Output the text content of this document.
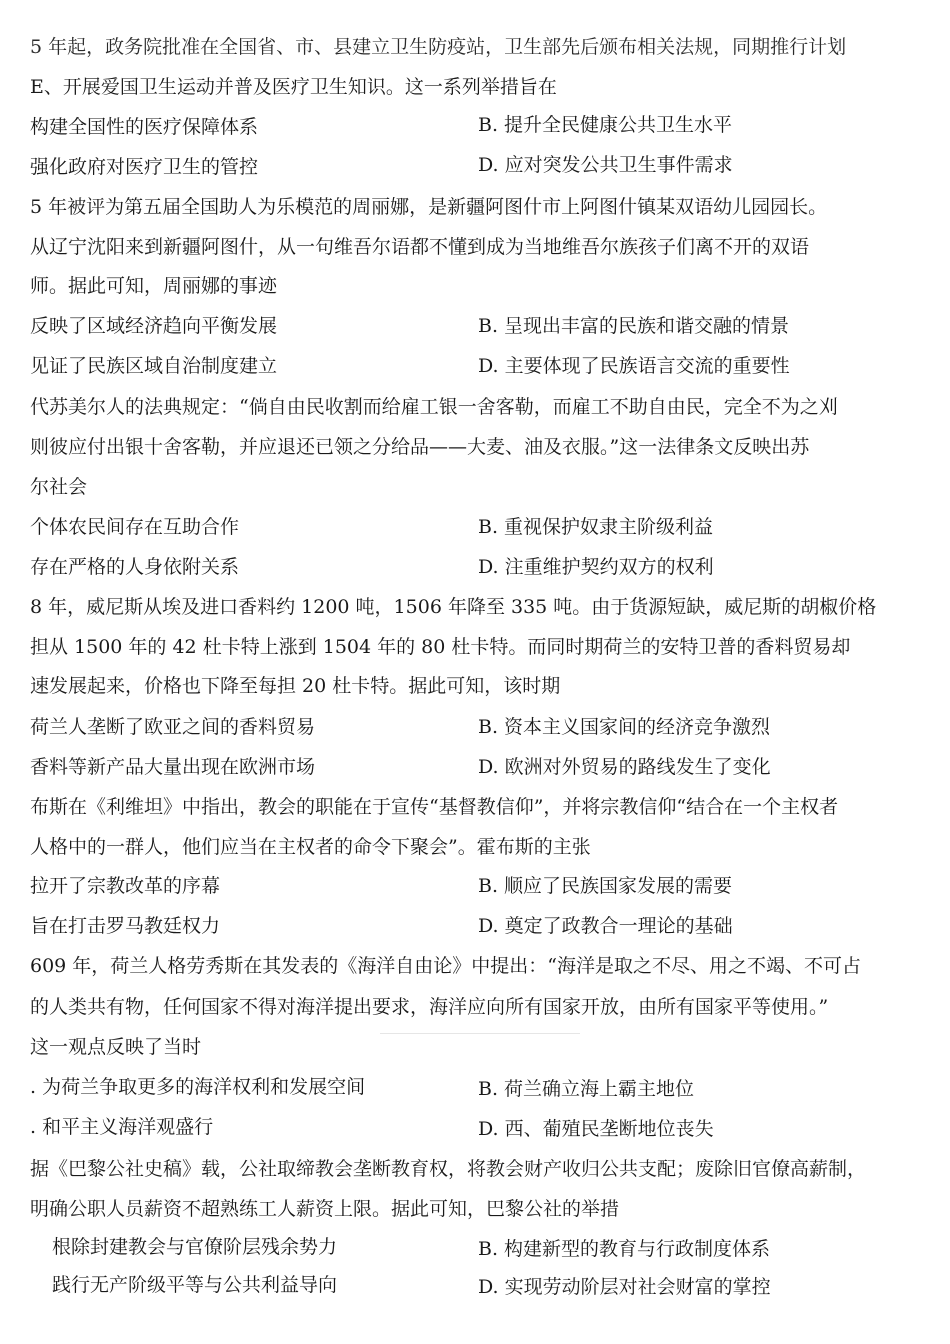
5 年起，政务院批准在全国省、市、县建立卫生防疫站，卫生部先后颁布相关法规，同期推行计划
E、开展爱国卫生运动并普及医疗卫生知识。这一系列举措旨在
构建全国性的医疗保障体系	B. 提升全民健康公共卫生水平
强化政府对医疗卫生的管控	D. 应对突发公共卫生事件需求
5 年被评为第五届全国助人为乐模范的周丽娜，是新疆阿图什市上阿图什镇某双语幼儿园园长。
从辽宁沈阳来到新疆阿图什，从一句维吾尔语都不懂到成为当地维吾尔族孩子们离不开的双语
师。据此可知，周丽娜的事迹
反映了区域经济趋向平衡发展	B. 呈现出丰富的民族和谐交融的情景
见证了民族区域自治制度建立	D. 主要体现了民族语言交流的重要性
代苏美尔人的法典规定：“倘自由民收割而给雇工银一舍客勒，而雇工不助自由民，完全不为之刈
则彼应付出银十舍客勒，并应退还已领之分给品——大麦、油及衣服。”这一法律条文反映出苏
尔社会
个体农民间存在互助合作	B. 重视保护奴隶主阶级利益
存在严格的人身依附关系	D. 注重维护契约双方的权利
8 年，威尼斯从埃及进口香料约 1200 吨，1506 年降至 335 吨。由于货源短缺，威尼斯的胡椒价格
担从 1500 年的 42 杜卡特上涨到 1504 年的 80 杜卡特。而同时期荷兰的安特卫普的香料贸易却
速发展起来，价格也下降至每担 20 杜卡特。据此可知，该时期
荷兰人垄断了欧亚之间的香料贸易	B. 资本主义国家间的经济竞争激烈
香料等新产品大量出现在欧洲市场	D. 欧洲对外贸易的路线发生了变化
布斯在《利维坦》中指出，教会的职能在于宣传“基督教信仰”，并将宗教信仰“结合在一个主权者
人格中的一群人，他们应当在主权者的命令下聚会”。霍布斯的主张
拉开了宗教改革的序幕	B. 顺应了民族国家发展的需要
旨在打击罗马教廷权力	D. 奠定了政教合一理论的基础
609 年，荷兰人格劳秀斯在其发表的《海洋自由论》中提出：“海洋是取之不尽、用之不竭、不可占
的人类共有物，任何国家不得对海洋提出要求，海洋应向所有国家开放，由所有国家平等使用。”
这一观点反映了当时
. 为荷兰争取更多的海洋权利和发展空间	B. 荷兰确立海上霸主地位
. 和平主义海洋观盛行	D. 西、葡殖民垄断地位丧失
据《巴黎公社史稿》载，公社取缔教会垄断教育权，将教会财产收归公共支配；废除旧官僚高薪制，
明确公职人员薪资不超熟练工人薪资上限。据此可知，巴黎公社的举措
根除封建教会与官僚阶层残余势力	B. 构建新型的教育与行政制度体系
践行无产阶级平等与公共利益导向	D. 实现劳动阶层对社会财富的掌控
